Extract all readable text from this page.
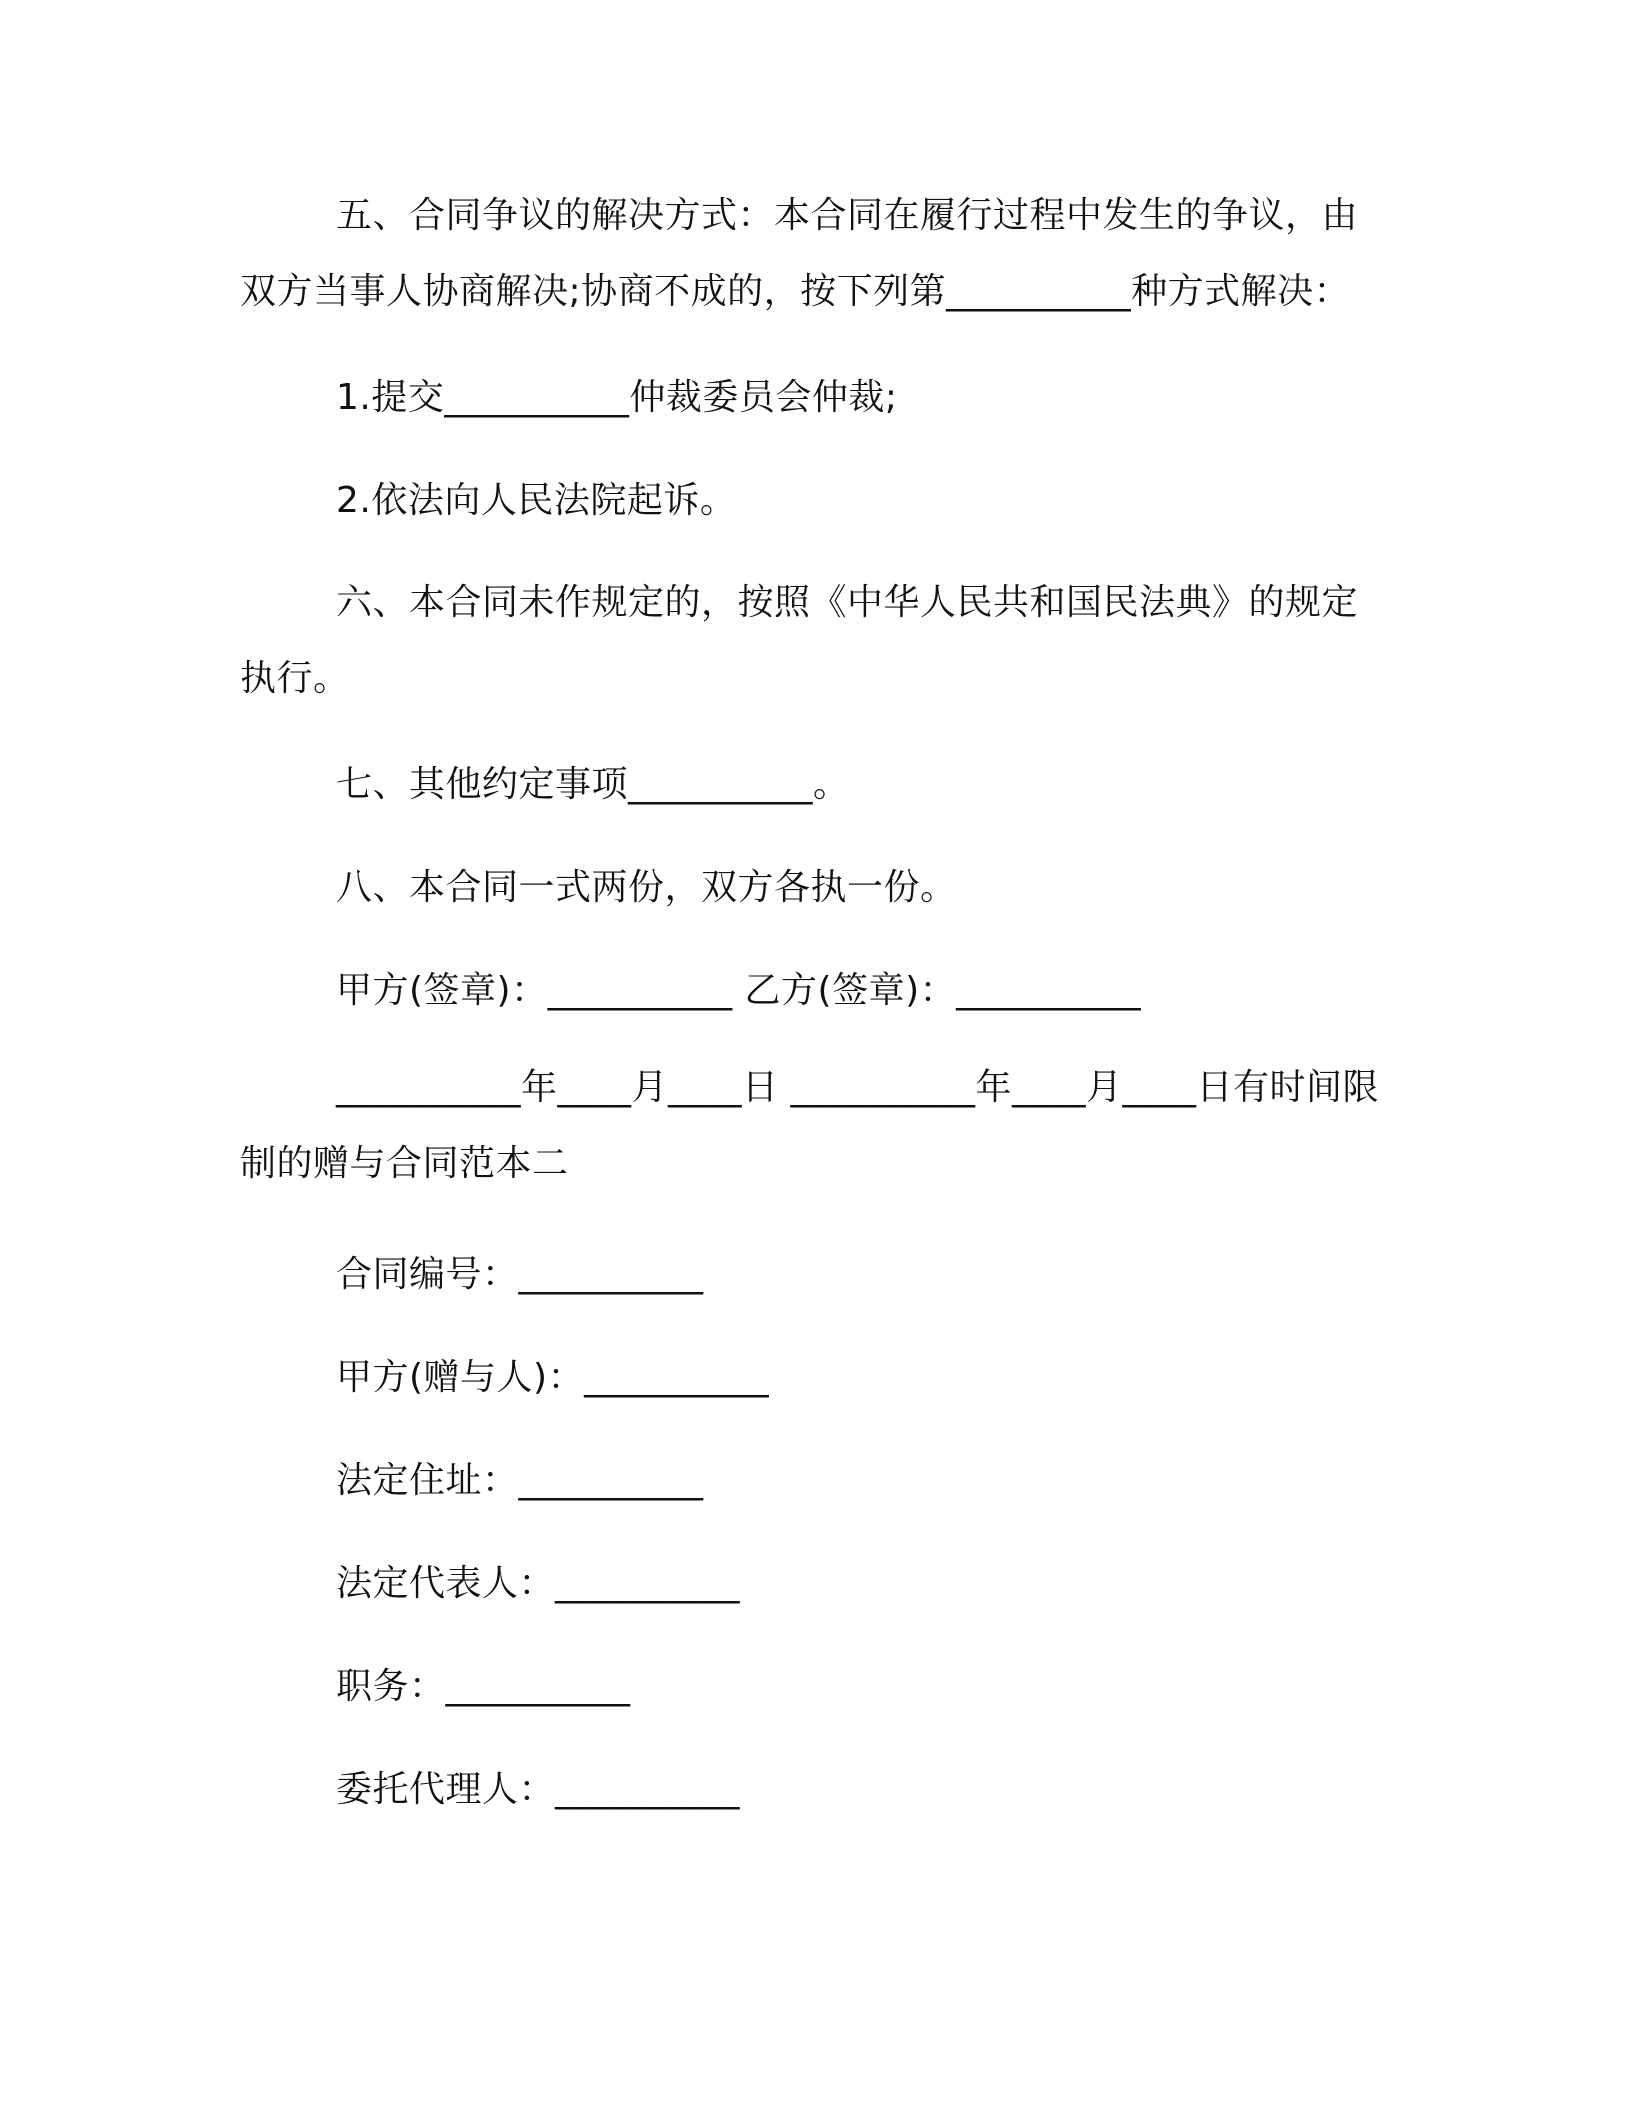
五、合同争议的解决方式：本合同在履行过程中发生的争议，由双方当事人协商解决;协商不成的，按下列第__________种方式解决：
1.提交__________仲裁委员会仲裁;
2.依法向人民法院起诉。
六、本合同未作规定的，按照《中华人民共和国民法典》的规定执行。
七、其他约定事项__________。
八、本合同一式两份，双方各执一份。
甲方(签章)：__________ 乙方(签章)：__________
__________年____月____日 __________年____月____日有时间限制的赠与合同范本二
合同编号：__________
甲方(赠与人)：__________
法定住址：__________
法定代表人：__________
职务：__________
委托代理人：__________
